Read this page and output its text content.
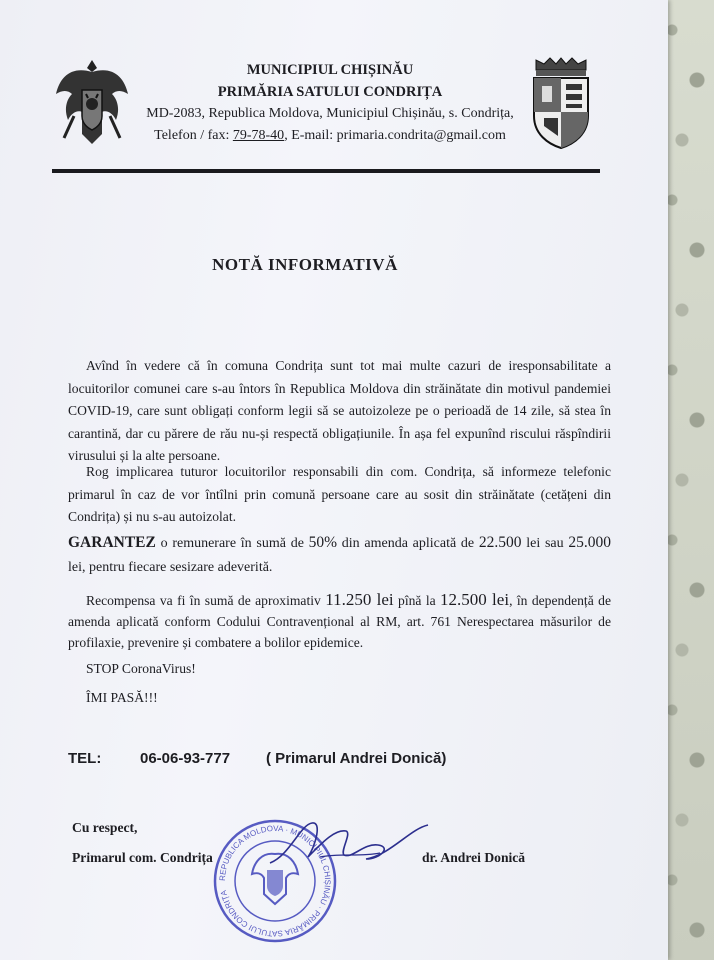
MUNICIPIUL CHIȘINĂU
PRIMĂRIA SATULUI CONDRIȚA
MD-2083, Republica Moldova, Municipiul Chișinău, s. Condrița,
Telefon / fax: 79-78-40, E-mail: primaria.condrita@gmail.com
NOTĂ INFORMATIVĂ
Avînd în vedere că în comuna Condrița sunt tot mai multe cazuri de iresponsabilitate a locuitorilor comunei care s-au întors în Republica Moldova din străinătate din motivul pandemiei COVID-19, care sunt obligați conform legii să se autoizoleze pe o perioadă de 14 zile, să stea în carantină, dar cu părere de rău nu-și respectă obligațiunile. În așa fel expunînd riscului răspîndirii virusului și la alte persoane.
Rog implicarea tuturor locuitorilor responsabili din com. Condrița, să informeze telefonic primarul în caz de vor întîlni prin comună persoane care au sosit din străinătate (cetățeni din Condrița) și nu s-au autoizolat.
GARANTEZ o remunerare în sumă de 50% din amenda aplicată de 22.500 lei sau 25.000 lei, pentru fiecare sesizare adeverită.
Recompensa va fi în sumă de aproximativ 11.250 lei pînă la 12.500 lei, în dependență de amenda aplicată conform Codului Contravențional al RM, art. 761 Nerespectarea măsurilor de profilaxie, prevenire și combatere a bolilor epidemice.
STOP CoronaVirus!
ÎMI PASĂ!!!
TEL:	06-06-93-777 ( Primarul Andrei Donică)
Cu respect,
Primarul com. Condrița	dr. Andrei Donică
REPUBLICA MOLDOVA · MUNICIPIUL CHIȘINĂU · PRIMĂRIA SATULUI CONDRIȚA
